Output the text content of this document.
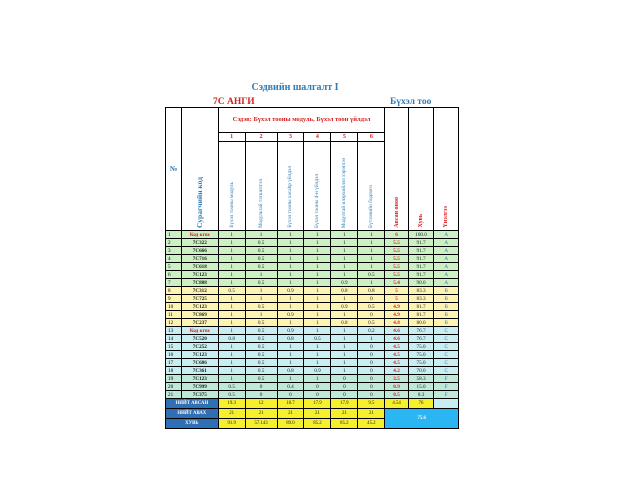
Сэдвийн шалгалт I
7С АНГИ	Бүхэл тоо
№	Сурагчийн код	Сэдэв: Бүхэл тооны модуль, Бүхэл тоон үйлдэл						Авсан оноо	Хувь	Үнэлгээ
		1	2	3	4	5	6			
		Бүхэл тооны модуль	Модультай тэгшитгэл	Бүхэл тооны хасаhр үйлдэл	Бүхэл тооны 4-н үйлдэл	Модултай илэрхийлэл хэрэглээ	Бүтээлийн бодлого			
1	Код кгох	1	1	1	1	1	1	6	100.0	A
2	7C322	1	0.5	1	1	1	1	5.5	91.7	A
3	7C666	1	0.5	1	1	1	1	5.5	91.7	A
4	7C716	1	0.5	1	1	1	1	5.5	91.7	A
5	7C618	1	0.5	1	1	1	1	5.5	91.7	A
6	7C123	1	1	1	1	1	0.5	5.5	91.7	A
7	7C888	1	0.5	1	1	0.9	1	5.4	90.0	A
8	7C312	0.5	1	0.9	1	0.8	0.8	5	83.3	B
9	7C725	1	1	1	1	1	0	5	83.3	B
10	7C123	1	0.5	1	1	0.9	0.5	4.9	81.7	B
11	7C869	1	1	0.9	1	1	0	4.9	81.7	B
12	7C237	1	0.5	1	1	0.8	0.5	4.8	80.0	B
13	Код кгох	1	0.5	0.9	1	1	0.2	4.6	76.7	C
14	7C520	0.8	0.5	0.8	0.5	1	1	4.6	76.7	C
15	7C252	1	0.5	1	1	1	0	4.5	75.0	C
16	7C123	1	0.5	1	1	1	0	4.5	75.0	C
17	7C686	1	0.5	1	1	1	0	4.5	75.0	C
18	7C361	1	0.5	0.8	0.9	1	0	4.2	70.0	C
19	7C123	1	0.5	1	1	0	0	3.5	58.3	F
20	7C999	0.5	0	0.4	0	0	0	0.9	15.0	F
21	7C375	0.5	0	0	0	0	0	0.5	8.3	F
НИЙТ АВСАН		19.3	12	18.7	17.9	17.9	9.5	4.54	76	
НИЙТ АВАХ		21	21	21	21	21	21	75.6		
ХУВЬ		91.9	57.143	89.0	85.2	85.2	45.2			
